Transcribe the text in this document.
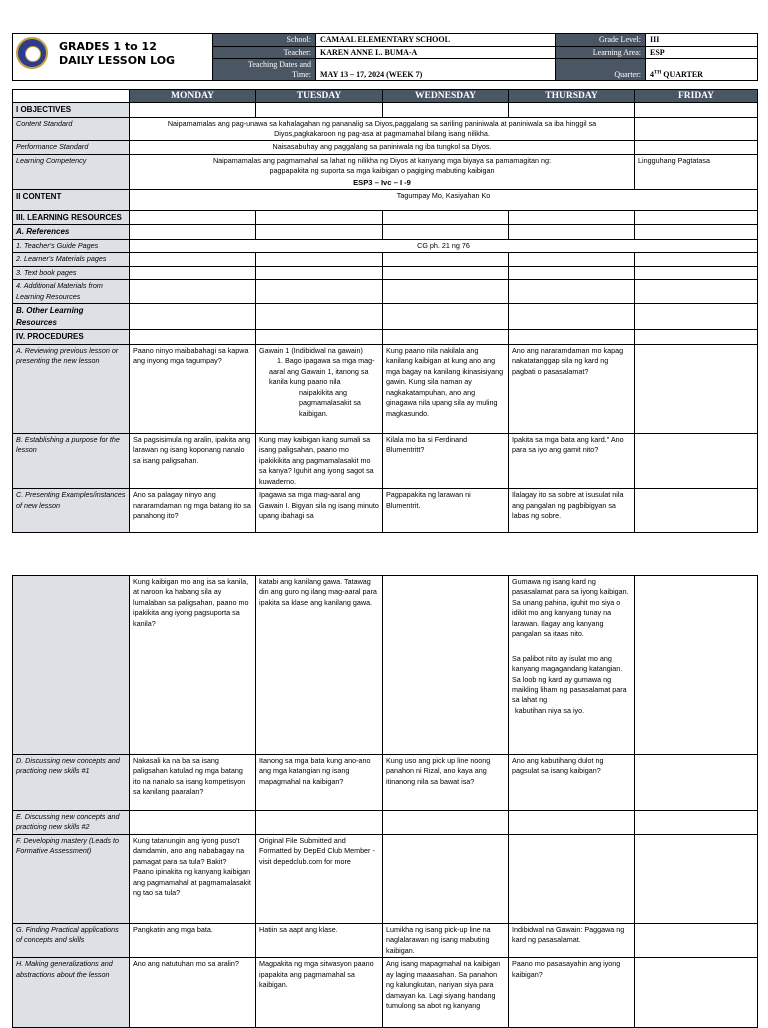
GRADES 1 to 12
DAILY LESSON LOG
	School:	CAMAAL ELEMENTARY SCHOOL	Grade Level:	III
	Teacher:	KAREN ANNE L. BUMA-A	Learning Area:	ESP

	Teaching Dates and
Time:	MAY 13 – 17, 2024 (WEEK 7)	Quarter:	4TH QUARTER
	MONDAY	TUESDAY	WEDNESDAY	THURSDAY	FRIDAY
I OBJECTIVES					
Content Standard	Naipamamalas ang pag-unawa sa kahalagahan ng pananalig sa Diyos,paggalang sa sariling paniniwala at paniniwala sa iba hinggil sa
Diyos,pagkakaroon ng pag-asa at pagmamahal bilang isang nilikha.				

Performance Standard	Naisasabuhay ang paggalang sa paniniwala ng iba tungkol sa Diyos.				
Learning Competency	Naipamamalas ang pagmamahal sa lahat ng nilikha ng Diyos at kanyang mga biyaya sa pamamagitan ng:
pagpapakita ng suporta sa mga kaibigan o pagiging mabuting kaibigan
ESP3 – Ivc – I -9				Lingguhang Pagtatasa
II CONTENT	Tagumpay Mo, Kasiyahan Ko				
III. LEARNING RESOURCES					
A. References					
1. Teacher's Guide Pages	CG ph. 21 ng 76				
2. Learner's Materials pages					
3. Text book pages					

4. Additional Materials from
Learning Resources					

B. Other Learning
Resources					

IV. PROCEDURES					
A. Reviewing previous lesson or presenting the new lesson	Paano ninyo maibabahagi sa kapwa ang inyong mga tagumpay?	Gawain 1 (Indibidwal na gawain)
1. Bago ipagawa sa mga mag-aaral ang Gawain 1, itanong sa kanila kung paano nila
naipakikita ang pagmamalasakit sa kaibigan.	Kung paano nila nakilala ang kanilang kaibigan at kung ano ang mga bagay na kanilang ikinasisiyang gawin. Kung sila naman ay nagkakatampuhan, ano ang ginagawa nila upang sila ay muling magkasundo.	Ano ang nararamdaman mo kapag nakatatanggap sila ng kard ng pagbati o pasasalamat?	
B. Establishing a purpose for the lesson	Sa pagsisimula ng aralin, ipakita ang larawan ng isang koponang nanalo sa isang paligsahan.	Kung may kaibigan kang sumali sa isang paligsahan, paano mo ipakikikita ang pagmamalasakit mo sa kanya? Iguhit ang iyong sagot sa kuwaderno.	Kilala mo ba si Ferdinand Blumentritt?	Ipakita sa mga bata ang kard." Ano para sa iyo ang gamit nito?	
C. Presenting Examples/instances of new lesson	Ano sa palagay ninyo ang nararamdaman ng mga batang ito sa panahong ito?	Ipagawa sa mga mag-aaral ang Gawain I. Bigyan sila ng isang minuto upang ibahagi sa	Pagpapakita ng larawan ni Blumentrit.	Ilalagay ito sa sobre at isusulat nila ang pangalan ng pagbibigyan sa labas ng sobre.	
	Kung kaibigan mo ang isa sa kanila, at naroon ka habang sila ay lumalaban sa paligsahan, paano mo ipakikita ang iyong pagsuporta sa kanila?	katabi ang kanilang gawa. Tatawag din ang guro ng ilang mag-aaral para ipakita sa klase ang kanilang gawa.		Gumawa ng isang kard ng pasasalamat para sa iyong kaibigan. Sa unang pahina, iguhit mo siya o idikit mo ang kanyang tunay na larawan. Ilagay ang kanyang pangalan sa itaas nito.
Sa palibot nito ay isulat mo ang kanyang magagandang katangian.
Sa loob ng kard ay gumawa ng maikling liham ng pasasalamat para sa lahat ng
kabutihan niya sa iyo.	

D. Discussing new concepts and practicing new skills #1	Nakasali ka na ba sa isang paligsahan katulad ng mga batang ito na nanalo sa isang kompetisyon sa kanilang paaralan?	Itanong sa mga bata kung ano-ano ang mga katangian ng isang mapagmahal na kaibigan?	Kung uso ang pick up line noong panahon ni Rizal, ano kaya ang itinanong nila sa bawat isa?	Ano ang kabutihang dulot ng pagsulat sa isang kaibigan?	
E. Discussing new concepts and practicing new skills #2					
F. Developing mastery (Leads to Formative Assessment)	Kung tatanungin ang iyong puso't damdamin, ano ang nababagay na pamagat para sa tula? Bakit?
Paano ipinakita ng kanyang kaibigan ang pagmamahal at pagmamalasakit ng tao sa tula?	Original File Submitted and Formatted by DepEd Club Member - visit depedclub.com for more			
G. Finding Practical applications of concepts and skills	Pangkatin ang mga bata.	Hatiin sa aapt ang klase.	Lumikha ng isang pick-up line na naglalarawan ng isang mabuting kaibigan.	Indibidwal na Gawain: Paggawa ng kard ng pasasalamat.	
H. Making generalizations and abstractions about the lesson	Ano ang natutuhan mo sa aralin?	Magpakita ng mga sitwasyon paano ipapakita ang pagmamahal sa kaibigan.	Ang isang mapagmahal na kaibigan ay laging maaasahan. Sa panahon ng kalungkutan, nariyan siya para damayan ka. Lagi siyang handang tumulong sa abot ng kanyang	Paano mo pasasayahin ang iyong kaibigan?	
